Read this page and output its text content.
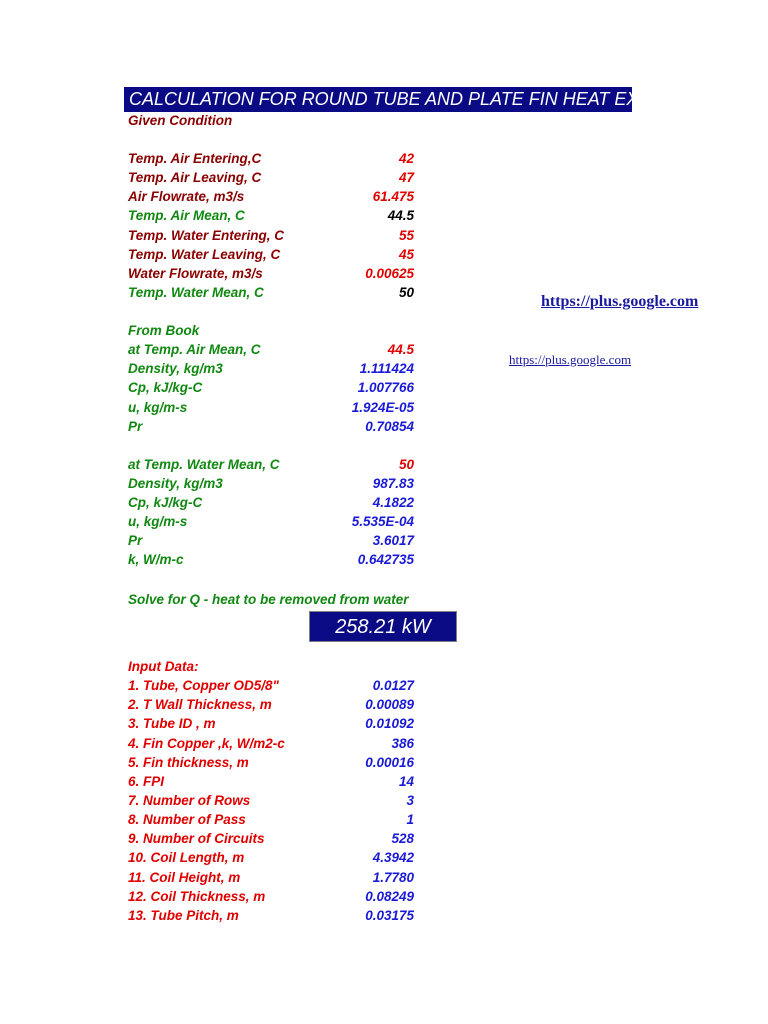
CALCULATION FOR ROUND TUBE AND PLATE FIN HEAT EXCHANGER
Given Condition
Temp. Air Entering,C	42
Temp. Air Leaving, C	47
Air Flowrate, m3/s	61.475
Temp. Air Mean, C	44.5
Temp. Water Entering, C	55
Temp. Water Leaving, C	45
Water Flowrate, m3/s	0.00625
Temp. Water Mean, C	50
From Book
at Temp. Air Mean, C	44.5
Density, kg/m3	1.111424
Cp, kJ/kg-C	1.007766
u, kg/m-s	1.924E-05
Pr	0.70854
at Temp. Water Mean, C	50
Density, kg/m3	987.83
Cp, kJ/kg-C	4.1822
u, kg/m-s	5.535E-04
Pr	3.6017
k, W/m-c	0.642735
Solve for Q - heat to be removed from water
258.21 kW
Input Data:
1. Tube, Copper OD5/8"	0.0127
2. T Wall Thickness, m	0.00089
3. Tube ID , m	0.01092
4. Fin Copper ,k, W/m2-c	386
5. Fin thickness, m	0.00016
6. FPI	14
7. Number of Rows	3
8. Number of Pass	1
9. Number of Circuits	528
10. Coil Length, m	4.3942
11. Coil Height, m	1.7780
12. Coil Thickness, m	0.08249
13. Tube Pitch, m	0.03175
https://plus.google.com
https://plus.google.com
